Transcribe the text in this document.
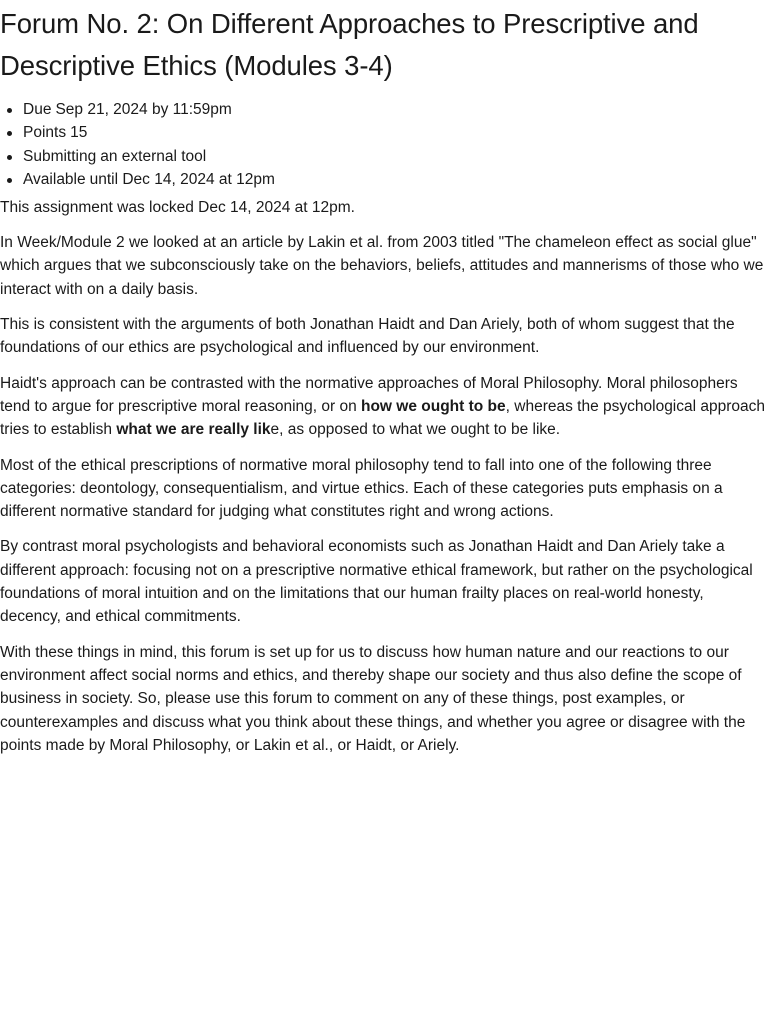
Forum No. 2: On Different Approaches to Prescriptive and Descriptive Ethics (Modules 3-4)
Due Sep 21, 2024 by 11:59pm
Points 15
Submitting an external tool
Available until Dec 14, 2024 at 12pm
This assignment was locked Dec 14, 2024 at 12pm.

In Week/Module 2 we looked at an article by Lakin et al. from 2003 titled "The chameleon effect as social glue" which argues that we subconsciously take on the behaviors, beliefs, attitudes and mannerisms of those who we interact with on a daily basis.

This is consistent with the arguments of both Jonathan Haidt and Dan Ariely, both of whom suggest that the foundations of our ethics are psychological and influenced by our environment.

Haidt's approach can be contrasted with the normative approaches of Moral Philosophy. Moral philosophers tend to argue for prescriptive moral reasoning, or on how we ought to be, whereas the psychological approach tries to establish what we are really like, as opposed to what we ought to be like.

Most of the ethical prescriptions of normative moral philosophy tend to fall into one of the following three categories: deontology, consequentialism, and virtue ethics. Each of these categories puts emphasis on a different normative standard for judging what constitutes right and wrong actions.

By contrast moral psychologists and behavioral economists such as Jonathan Haidt and Dan Ariely take a different approach: focusing not on a prescriptive normative ethical framework, but rather on the psychological foundations of moral intuition and on the limitations that our human frailty places on real-world honesty, decency, and ethical commitments.

With these things in mind, this forum is set up for us to discuss how human nature and our reactions to our environment affect social norms and ethics, and thereby shape our society and thus also define the scope of business in society. So, please use this forum to comment on any of these things, post examples, or counterexamples and discuss what you think about these things, and whether you agree or disagree with the points made by Moral Philosophy, or Lakin et al., or Haidt, or Ariely.
